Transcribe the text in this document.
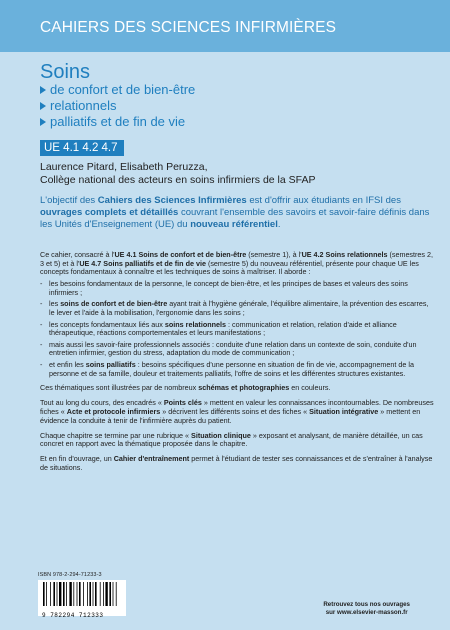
CAHIERS DES SCIENCES INFIRMIÈRES
Soins
de confort et de bien-être
relationnels
palliatifs et de fin de vie
UE 4.1 4.2 4.7
Laurence Pitard, Elisabeth Peruzza,
Collège national des acteurs en soins infirmiers de la SFAP
L'objectif des Cahiers des Sciences Infirmières est d'offrir aux étudiants en IFSI des ouvrages complets et détaillés couvrant l'ensemble des savoirs et savoir-faire définis dans les Unités d'Enseignement (UE) du nouveau référentiel.

Ce cahier, consacré à l'UE 4.1 Soins de confort et de bien-être (semestre 1), à l'UE 4.2 Soins relationnels (semestres 2, 3 et 5) et à l'UE 4.7 Soins palliatifs et de fin de vie (semestre 5) du nouveau référentiel, présente pour chaque UE les concepts fondamentaux à connaître et les techniques de soins à maîtriser. Il aborde :

- les besoins fondamentaux de la personne, le concept de bien-être, et les principes de bases et valeurs des soins infirmiers ;
- les soins de confort et de bien-être ayant trait à l'hygiène générale, l'équilibre alimentaire, la prévention des escarres, le lever et l'aide à la mobilisation, l'ergonomie dans les soins ;
- les concepts fondamentaux liés aux soins relationnels : communication et relation, relation d'aide et alliance thérapeutique, réactions comportementales et leurs manifestations ;
- mais aussi les savoir-faire professionnels associés : conduite d'une relation dans un contexte de soin, conduite d'un entretien infirmier, gestion du stress, adaptation du mode de communication ;
- et enfin les soins palliatifs : besoins spécifiques d'une personne en situation de fin de vie, accompagnement de la personne et de sa famille, douleur et traitements palliatifs, l'offre de soins et les différentes structures existantes.

Ces thématiques sont illustrées par de nombreux schémas et photographies en couleurs.

Tout au long du cours, des encadrés « Points clés » mettent en valeur les connaissances incontournables. De nombreuses fiches « Acte et protocole infirmiers » décrivent les différents soins et des fiches « Situation intégrative » mettent en évidence la conduite à tenir de l'infirmière auprès du patient.

Chaque chapitre se termine par une rubrique « Situation clinique » exposant et analysant, de manière détaillée, un cas concret en rapport avec la thématique proposée dans le chapitre.

Et en fin d'ouvrage, un Cahier d'entraînement permet à l'étudiant de tester ses connaissances et de s'entraîner à l'analyse de situations.

ISBN 978-2-294-71233-3
9 782294 712333
Retrouvez tous nos ouvrages
sur www.elsevier-masson.fr
